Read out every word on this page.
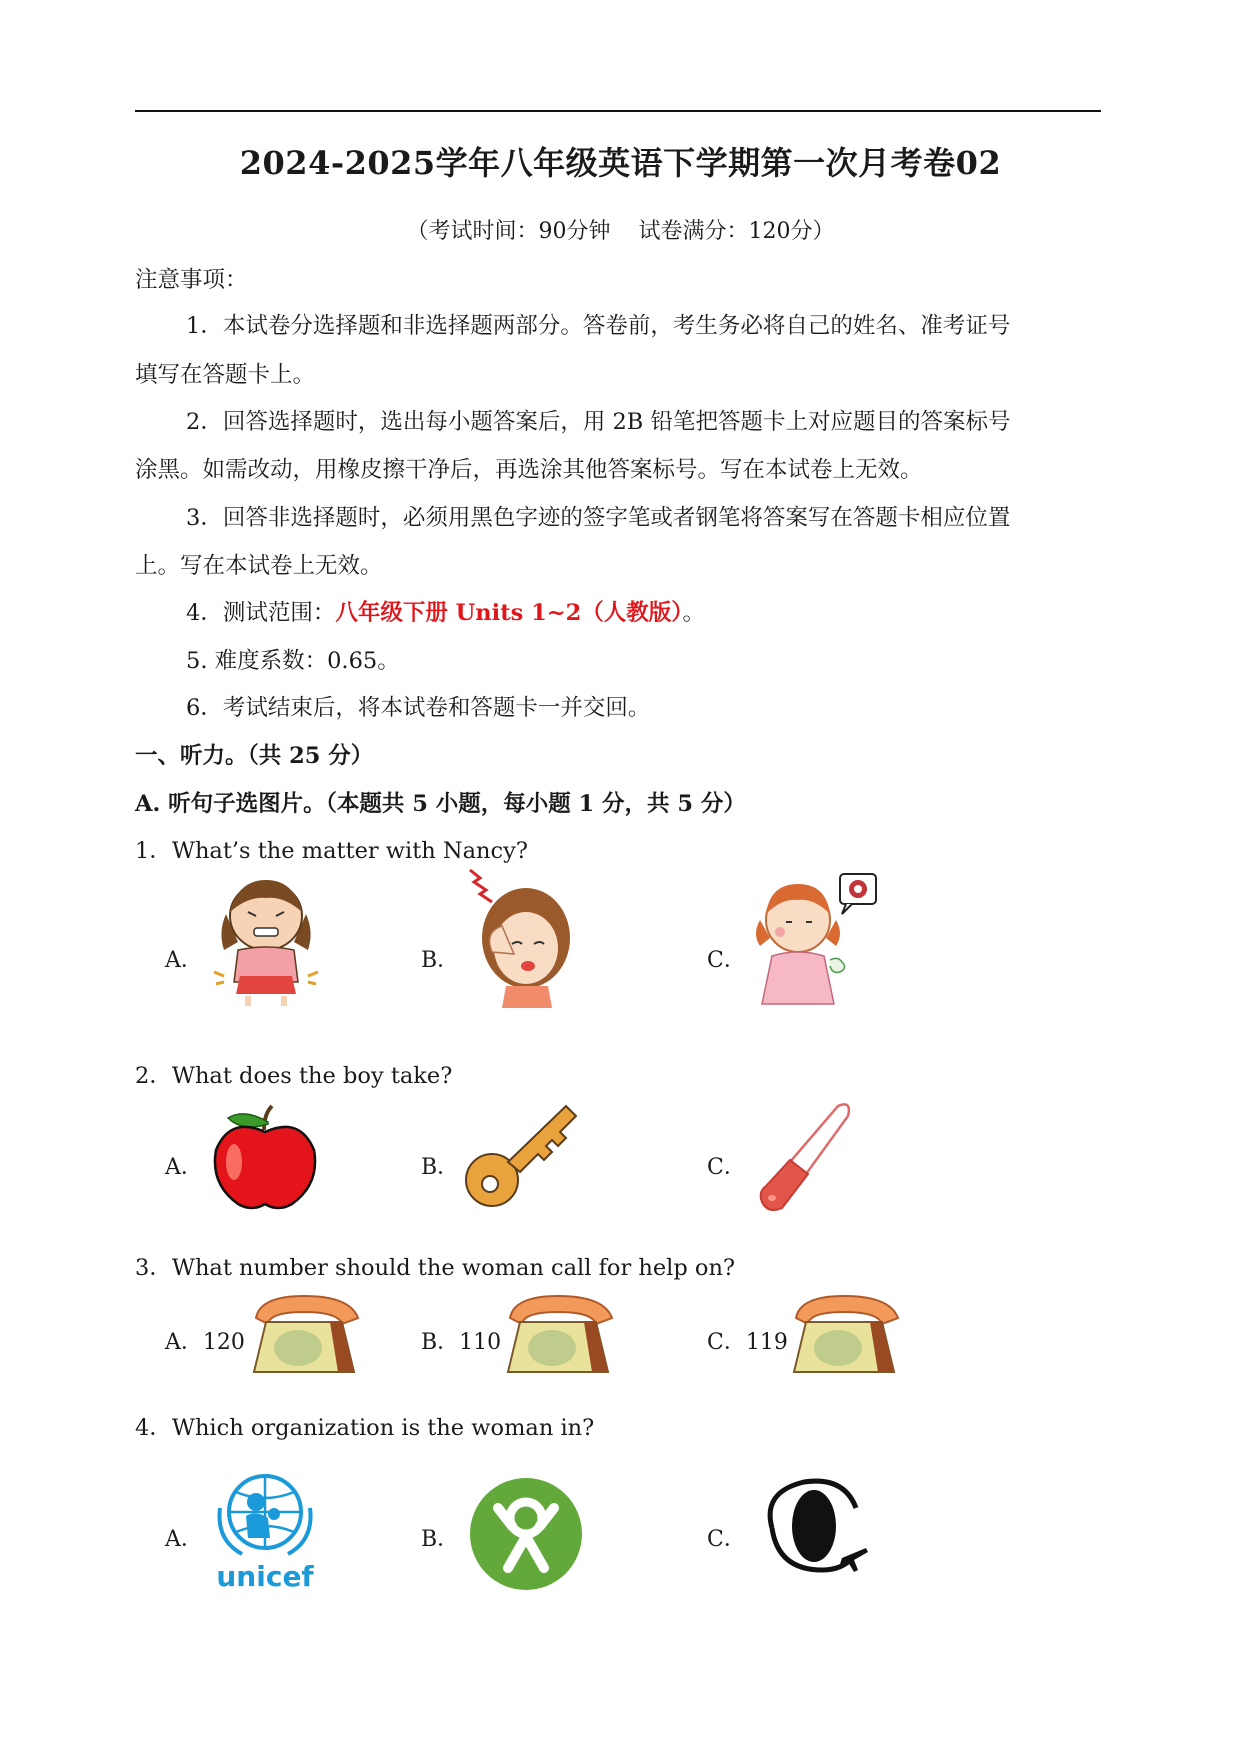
2024-2025学年八年级英语下学期第一次月考卷02
（考试时间：90分钟 试卷满分：120分）
注意事项：
1．本试卷分选择题和非选择题两部分。答卷前，考生务必将自己的姓名、准考证号
填写在答题卡上。
2．回答选择题时，选出每小题答案后，用 2B 铅笔把答题卡上对应题目的答案标号
涂黑。如需改动，用橡皮擦干净后，再选涂其他答案标号。写在本试卷上无效。
3．回答非选择题时，必须用黑色字迹的签字笔或者钢笔将答案写在答题卡相应位置
上。写在本试卷上无效。
4．测试范围：八年级下册 Units 1~2（人教版）。
5. 难度系数：0.65。
6．考试结束后，将本试卷和答题卡一并交回。
一、听力。（共 25 分）
A. 听句子选图片。（本题共 5 小题，每小题 1 分，共 5 分）
1．What’s the matter with Nancy?
A．	B．	C．
2．What does the boy take?
A．	B．	C．
3．What number should the woman call for help on?
A．120	B．110	C．119
4．Which organization is the woman in?
A．	B．	C．
unicef
